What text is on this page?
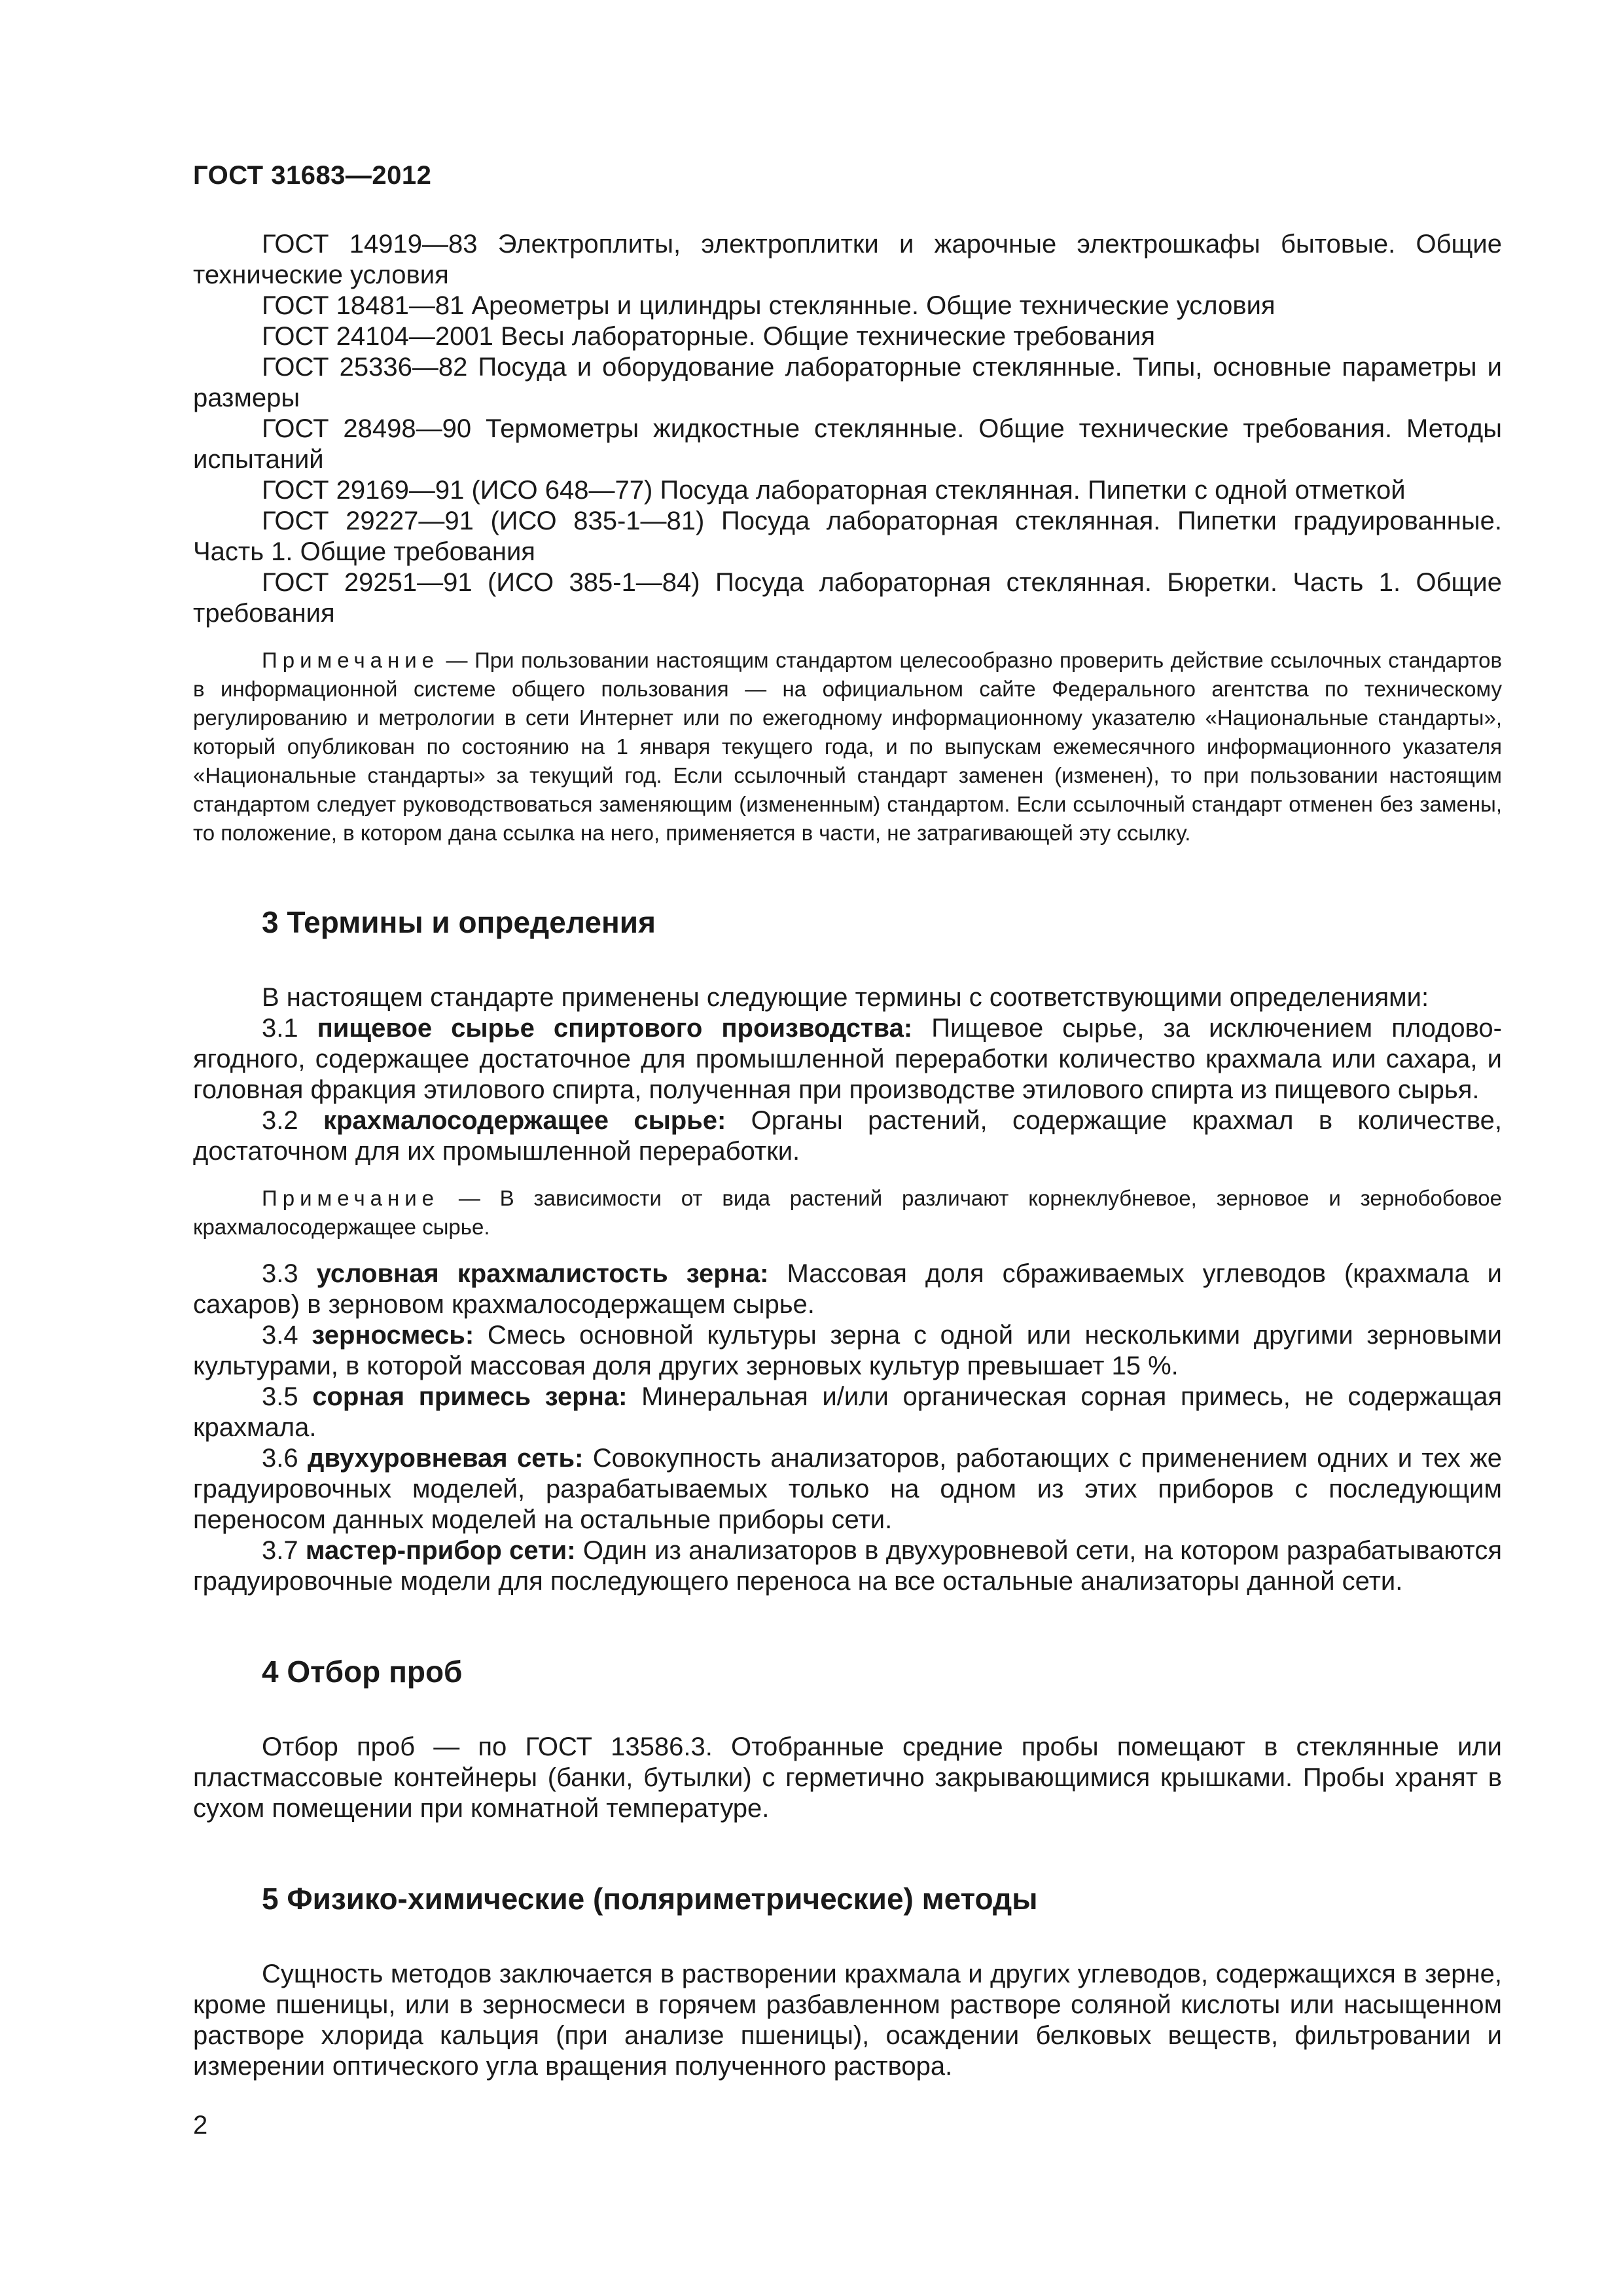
ГОСТ 31683—2012

ГОСТ 14919—83 Электроплиты, электроплитки и жарочные электрошкафы бытовые. Общие технические условия

ГОСТ 18481—81 Ареометры и цилиндры стеклянные. Общие технические условия

ГОСТ 24104—2001 Весы лабораторные. Общие технические требования

ГОСТ 25336—82 Посуда и оборудование лабораторные стеклянные. Типы, основные параметры и размеры

ГОСТ 28498—90 Термометры жидкостные стеклянные. Общие технические требования. Методы испытаний

ГОСТ 29169—91 (ИСО 648—77) Посуда лабораторная стеклянная. Пипетки с одной отметкой

ГОСТ 29227—91 (ИСО 835-1—81) Посуда лабораторная стеклянная. Пипетки градуированные. Часть 1. Общие требования

ГОСТ 29251—91 (ИСО 385-1—84) Посуда лабораторная стеклянная. Бюретки. Часть 1. Общие требования

Примечание — При пользовании настоящим стандартом целесообразно проверить действие ссылочных стандартов в информационной системе общего пользования — на официальном сайте Федерального агентства по техническому регулированию и метрологии в сети Интернет или по ежегодному информационному указателю «Национальные стандарты», который опубликован по состоянию на 1 января текущего года, и по выпускам ежемесячного информационного указателя «Национальные стандарты» за текущий год. Если ссылочный стандарт заменен (изменен), то при пользовании настоящим стандартом следует руководствоваться заменяющим (измененным) стандартом. Если ссылочный стандарт отменен без замены, то положение, в котором дана ссылка на него, применяется в части, не затрагивающей эту ссылку.

3 Термины и определения

В настоящем стандарте применены следующие термины с соответствующими определениями:

3.1 пищевое сырье спиртового производства: Пищевое сырье, за исключением плодово-ягодного, содержащее достаточное для промышленной переработки количество крахмала или сахара, и головная фракция этилового спирта, полученная при производстве этилового спирта из пищевого сырья.

3.2 крахмалосодержащее сырье: Органы растений, содержащие крахмал в количестве, достаточном для их промышленной переработки.

Примечание — В зависимости от вида растений различают корнеклубневое, зерновое и зернобобовое крахмалосодержащее сырье.

3.3 условная крахмалистость зерна: Массовая доля сбраживаемых углеводов (крахмала и сахаров) в зерновом крахмалосодержащем сырье.

3.4 зерносмесь: Смесь основной культуры зерна с одной или несколькими другими зерновыми культурами, в которой массовая доля других зерновых культур превышает 15 %.

3.5 сорная примесь зерна: Минеральная и/или органическая сорная примесь, не содержащая крахмала.

3.6 двухуровневая сеть: Совокупность анализаторов, работающих с применением одних и тех же градуировочных моделей, разрабатываемых только на одном из этих приборов с последующим переносом данных моделей на остальные приборы сети.

3.7 мастер-прибор сети: Один из анализаторов в двухуровневой сети, на котором разрабатываются градуировочные модели для последующего переноса на все остальные анализаторы данной сети.

4 Отбор проб

Отбор проб — по ГОСТ 13586.3. Отобранные средние пробы помещают в стеклянные или пластмассовые контейнеры (банки, бутылки) с герметично закрывающимися крышками. Пробы хранят в сухом помещении при комнатной температуре.

5 Физико-химические (поляриметрические) методы

Сущность методов заключается в растворении крахмала и других углеводов, содержащихся в зерне, кроме пшеницы, или в зерносмеси в горячем разбавленном растворе соляной кислоты или насыщенном растворе хлорида кальция (при анализе пшеницы), осаждении белковых веществ, фильтровании и измерении оптического угла вращения полученного раствора.

2
